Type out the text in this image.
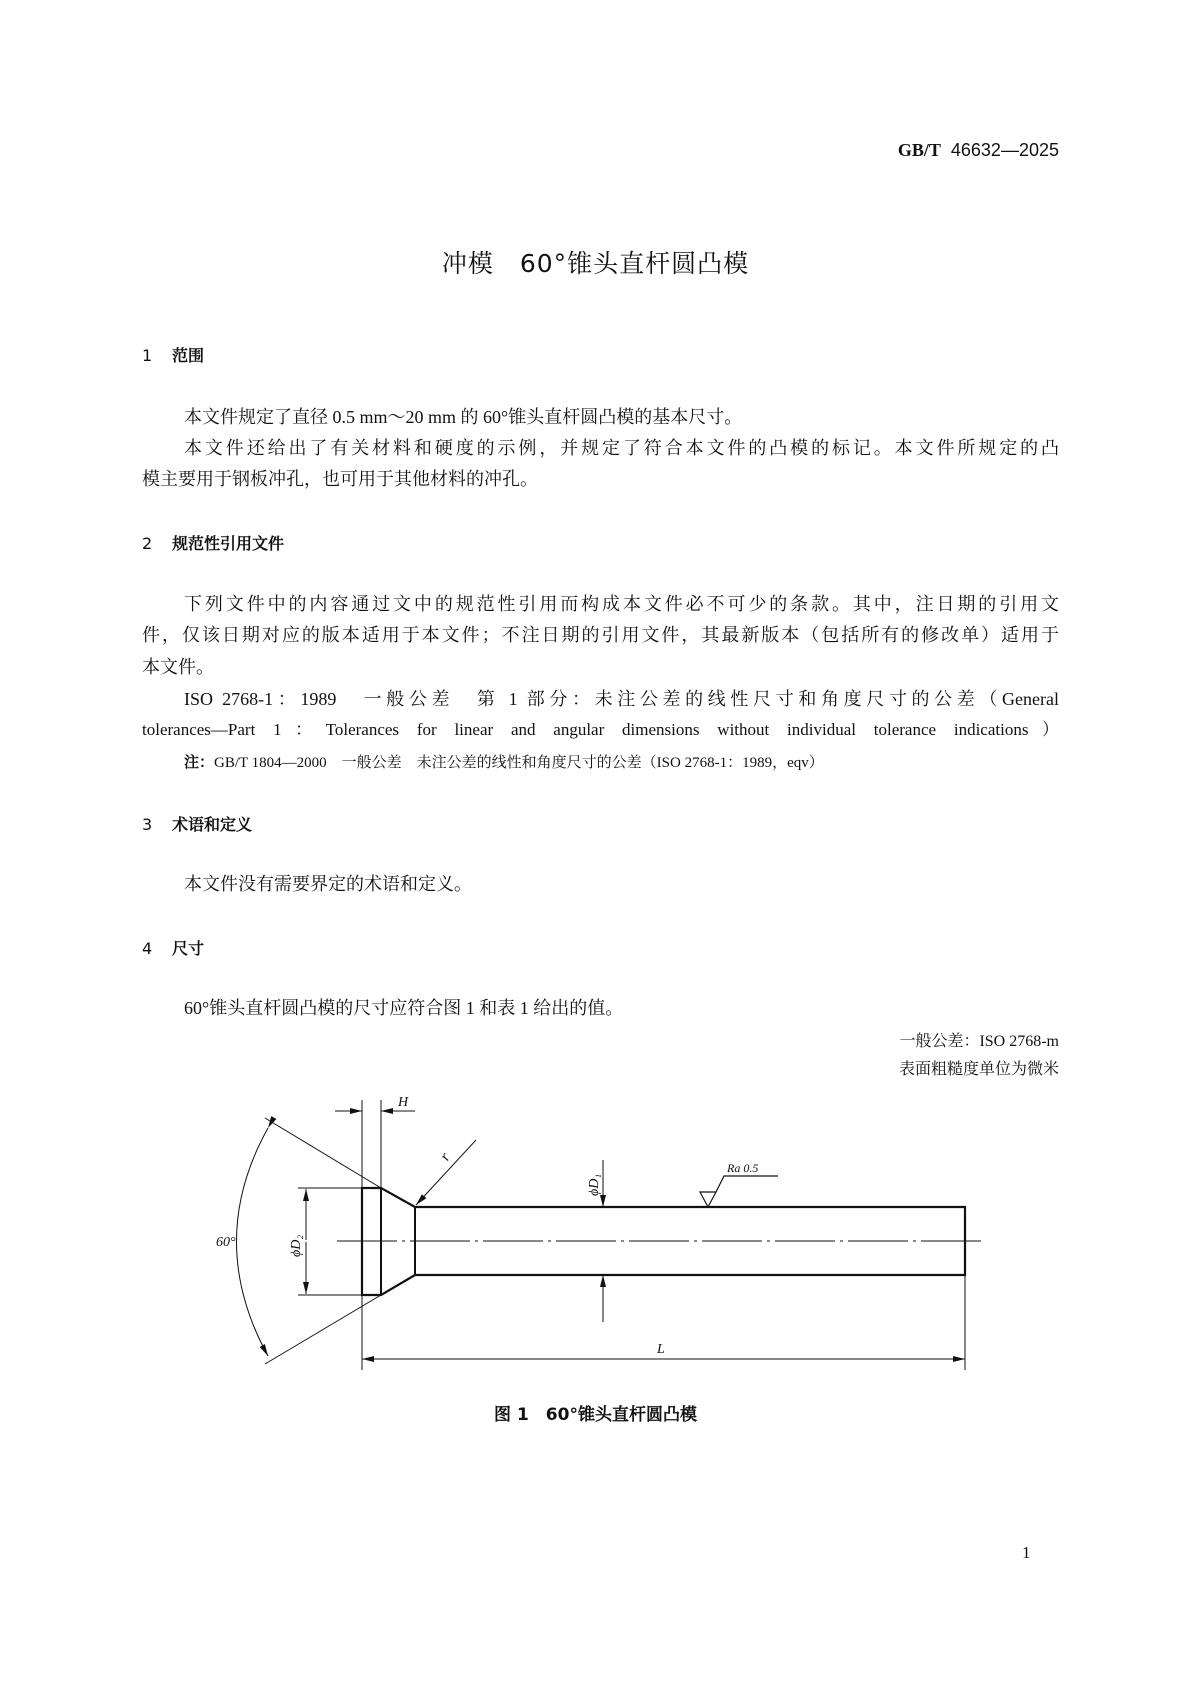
GB/T 46632—2025
冲模　60°锥头直杆圆凸模
1 范围
本文件规定了直径 0.5 mm～20 mm 的 60°锥头直杆圆凸模的基本尺寸。
本文件还给出了有关材料和硬度的示例，并规定了符合本文件的凸模的标记。本文件所规定的凸
模主要用于钢板冲孔，也可用于其他材料的冲孔。
2 规范性引用文件
下列文件中的内容通过文中的规范性引用而构成本文件必不可少的条款。其中，注日期的引用文
件，仅该日期对应的版本适用于本文件；不注日期的引用文件，其最新版本（包括所有的修改单）适用于
本文件。
ISO 2768-1：1989　一般公差　第 1 部分：未注公差的线性尺寸和角度尺寸的公差（General
tolerances—Part 1：Tolerances for linear and angular dimensions without individual tolerance indications）
注：GB/T 1804—2000　一般公差　未注公差的线性和角度尺寸的公差（ISO 2768-1：1989，eqv）
3 术语和定义
本文件没有需要界定的术语和定义。
4 尺寸
60°锥头直杆圆凸模的尺寸应符合图 1 和表 1 给出的值。
一般公差：ISO 2768-m
表面粗糙度单位为微米
60°
H
r
ϕD₁
ϕD₂
Ra 0.5
L
图 1　60°锥头直杆圆凸模
1
